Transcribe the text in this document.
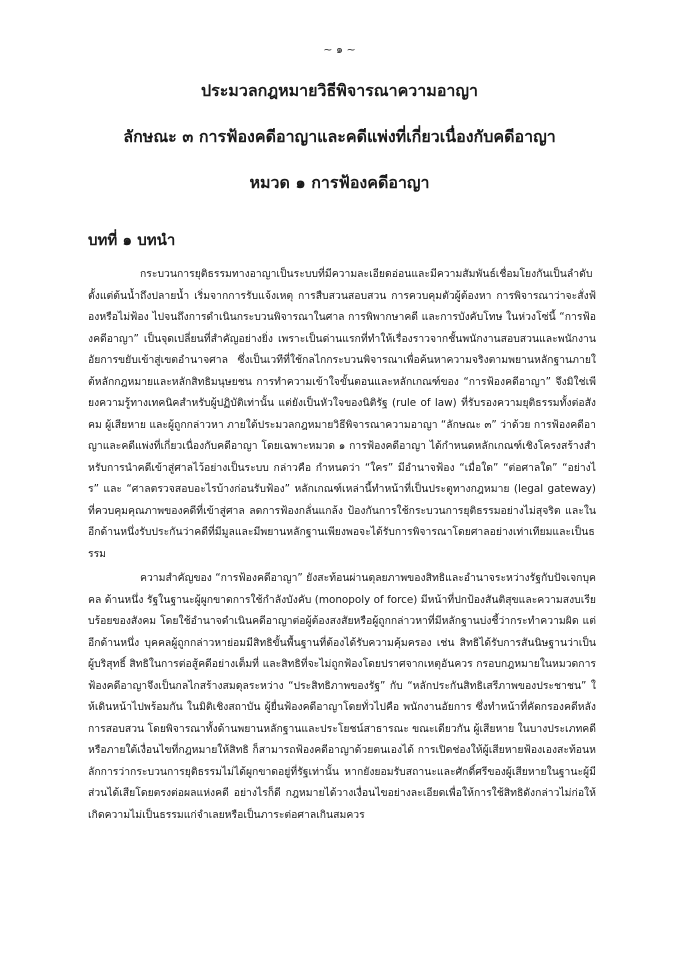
~ ๑ ~

ประมวลกฎหมายวิธีพิจารณาความอาญา

ลักษณะ ๓ การฟ้องคดีอาญาและคดีแพ่งที่เกี่ยวเนื่องกับคดีอาญา

หมวด ๑ การฟ้องคดีอาญา

บทที่ ๑ บทนำ

กระบวนการยุติธรรมทางอาญาเป็นระบบที่มีความละเอียดอ่อนและมีความสัมพันธ์เชื่อมโยงกันเป็นลำดับตั้งแต่ต้นน้ำถึงปลายน้ำ เริ่มจากการรับแจ้งเหตุ การสืบสวนสอบสวน การควบคุมตัวผู้ต้องหา การพิจารณาว่าจะสั่งฟ้องหรือไม่ฟ้อง ไปจนถึงการดำเนินกระบวนพิจารณาในศาล การพิพากษาคดี และการบังคับโทษ ในห่วงโซ่นี้ “การฟ้องคดีอาญา” เป็นจุดเปลี่ยนที่สำคัญอย่างยิ่ง เพราะเป็นด่านแรกที่ทำให้เรื่องราวจากชั้นพนักงานสอบสวนและพนักงานอัยการขยับเข้าสู่เขตอำนาจศาล ซึ่งเป็นเวทีที่ใช้กลไกกระบวนพิจารณาเพื่อค้นหาความจริงตามพยานหลักฐานภายใต้หลักกฎหมายและหลักสิทธิมนุษยชน การทำความเข้าใจขั้นตอนและหลักเกณฑ์ของ “การฟ้องคดีอาญา” จึงมิใช่เพียงความรู้ทางเทคนิคสำหรับผู้ปฏิบัติเท่านั้น แต่ยังเป็นหัวใจของนิติรัฐ (rule of law) ที่รับรองความยุติธรรมทั้งต่อสังคม ผู้เสียหาย และผู้ถูกกล่าวหา ภายใต้ประมวลกฎหมายวิธีพิจารณาความอาญา “ลักษณะ ๓” ว่าด้วย การฟ้องคดีอาญาและคดีแพ่งที่เกี่ยวเนื่องกับคดีอาญา โดยเฉพาะหมวด ๑ การฟ้องคดีอาญา ได้กำหนดหลักเกณฑ์เชิงโครงสร้างสำหรับการนำคดีเข้าสู่ศาลไว้อย่างเป็นระบบ กล่าวคือ กำหนดว่า “ใคร” มีอำนาจฟ้อง “เมื่อใด” “ต่อศาลใด” “อย่างไร” และ “ศาลตรวจสอบอะไรบ้างก่อนรับฟ้อง” หลักเกณฑ์เหล่านี้ทำหน้าที่เป็นประตูทางกฎหมาย (legal gateway) ที่ควบคุมคุณภาพของคดีที่เข้าสู่ศาล ลดการฟ้องกลั่นแกล้ง ป้องกันการใช้กระบวนการยุติธรรมอย่างไม่สุจริต และในอีกด้านหนึ่งรับประกันว่าคดีที่มีมูลและมีพยานหลักฐานเพียงพอจะได้รับการพิจารณาโดยศาลอย่างเท่าเทียมและเป็นธรรม

ความสำคัญของ “การฟ้องคดีอาญา” ยังสะท้อนผ่านดุลยภาพของสิทธิและอำนาจระหว่างรัฐกับปัจเจกบุคคล ด้านหนึ่ง รัฐในฐานะผู้ผูกขาดการใช้กำลังบังคับ (monopoly of force) มีหน้าที่ปกป้องสันติสุขและความสงบเรียบร้อยของสังคม โดยใช้อำนาจดำเนินคดีอาญาต่อผู้ต้องสงสัยหรือผู้ถูกกล่าวหาที่มีหลักฐานบ่งชี้ว่ากระทำความผิด แต่อีกด้านหนึ่ง บุคคลผู้ถูกกล่าวหาย่อมมีสิทธิขั้นพื้นฐานที่ต้องได้รับความคุ้มครอง เช่น สิทธิได้รับการสันนิษฐานว่าเป็นผู้บริสุทธิ์ สิทธิในการต่อสู้คดีอย่างเต็มที่ และสิทธิที่จะไม่ถูกฟ้องโดยปราศจากเหตุอันควร กรอบกฎหมายในหมวดการฟ้องคดีอาญาจึงเป็นกลไกสร้างสมดุลระหว่าง “ประสิทธิภาพของรัฐ” กับ “หลักประกันสิทธิเสรีภาพของประชาชน” ให้เดินหน้าไปพร้อมกัน ในมิติเชิงสถาบัน ผู้ยื่นฟ้องคดีอาญาโดยทั่วไปคือ พนักงานอัยการ ซึ่งทำหน้าที่คัดกรองคดีหลังการสอบสวน โดยพิจารณาทั้งด้านพยานหลักฐานและประโยชน์สาธารณะ ขณะเดียวกัน ผู้เสียหาย ในบางประเภทคดีหรือภายใต้เงื่อนไขที่กฎหมายให้สิทธิ ก็สามารถฟ้องคดีอาญาด้วยตนเองได้ การเปิดช่องให้ผู้เสียหายฟ้องเองสะท้อนหลักการว่ากระบวนการยุติธรรมไม่ได้ผูกขาดอยู่ที่รัฐเท่านั้น หากยังยอมรับสถานะและศักดิ์ศรีของผู้เสียหายในฐานะผู้มีส่วนได้เสียโดยตรงต่อผลแห่งคดี อย่างไรก็ดี กฎหมายได้วางเงื่อนไขอย่างละเอียดเพื่อให้การใช้สิทธิดังกล่าวไม่ก่อให้เกิดความไม่เป็นธรรมแก่จำเลยหรือเป็นภาระต่อศาลเกินสมควร
